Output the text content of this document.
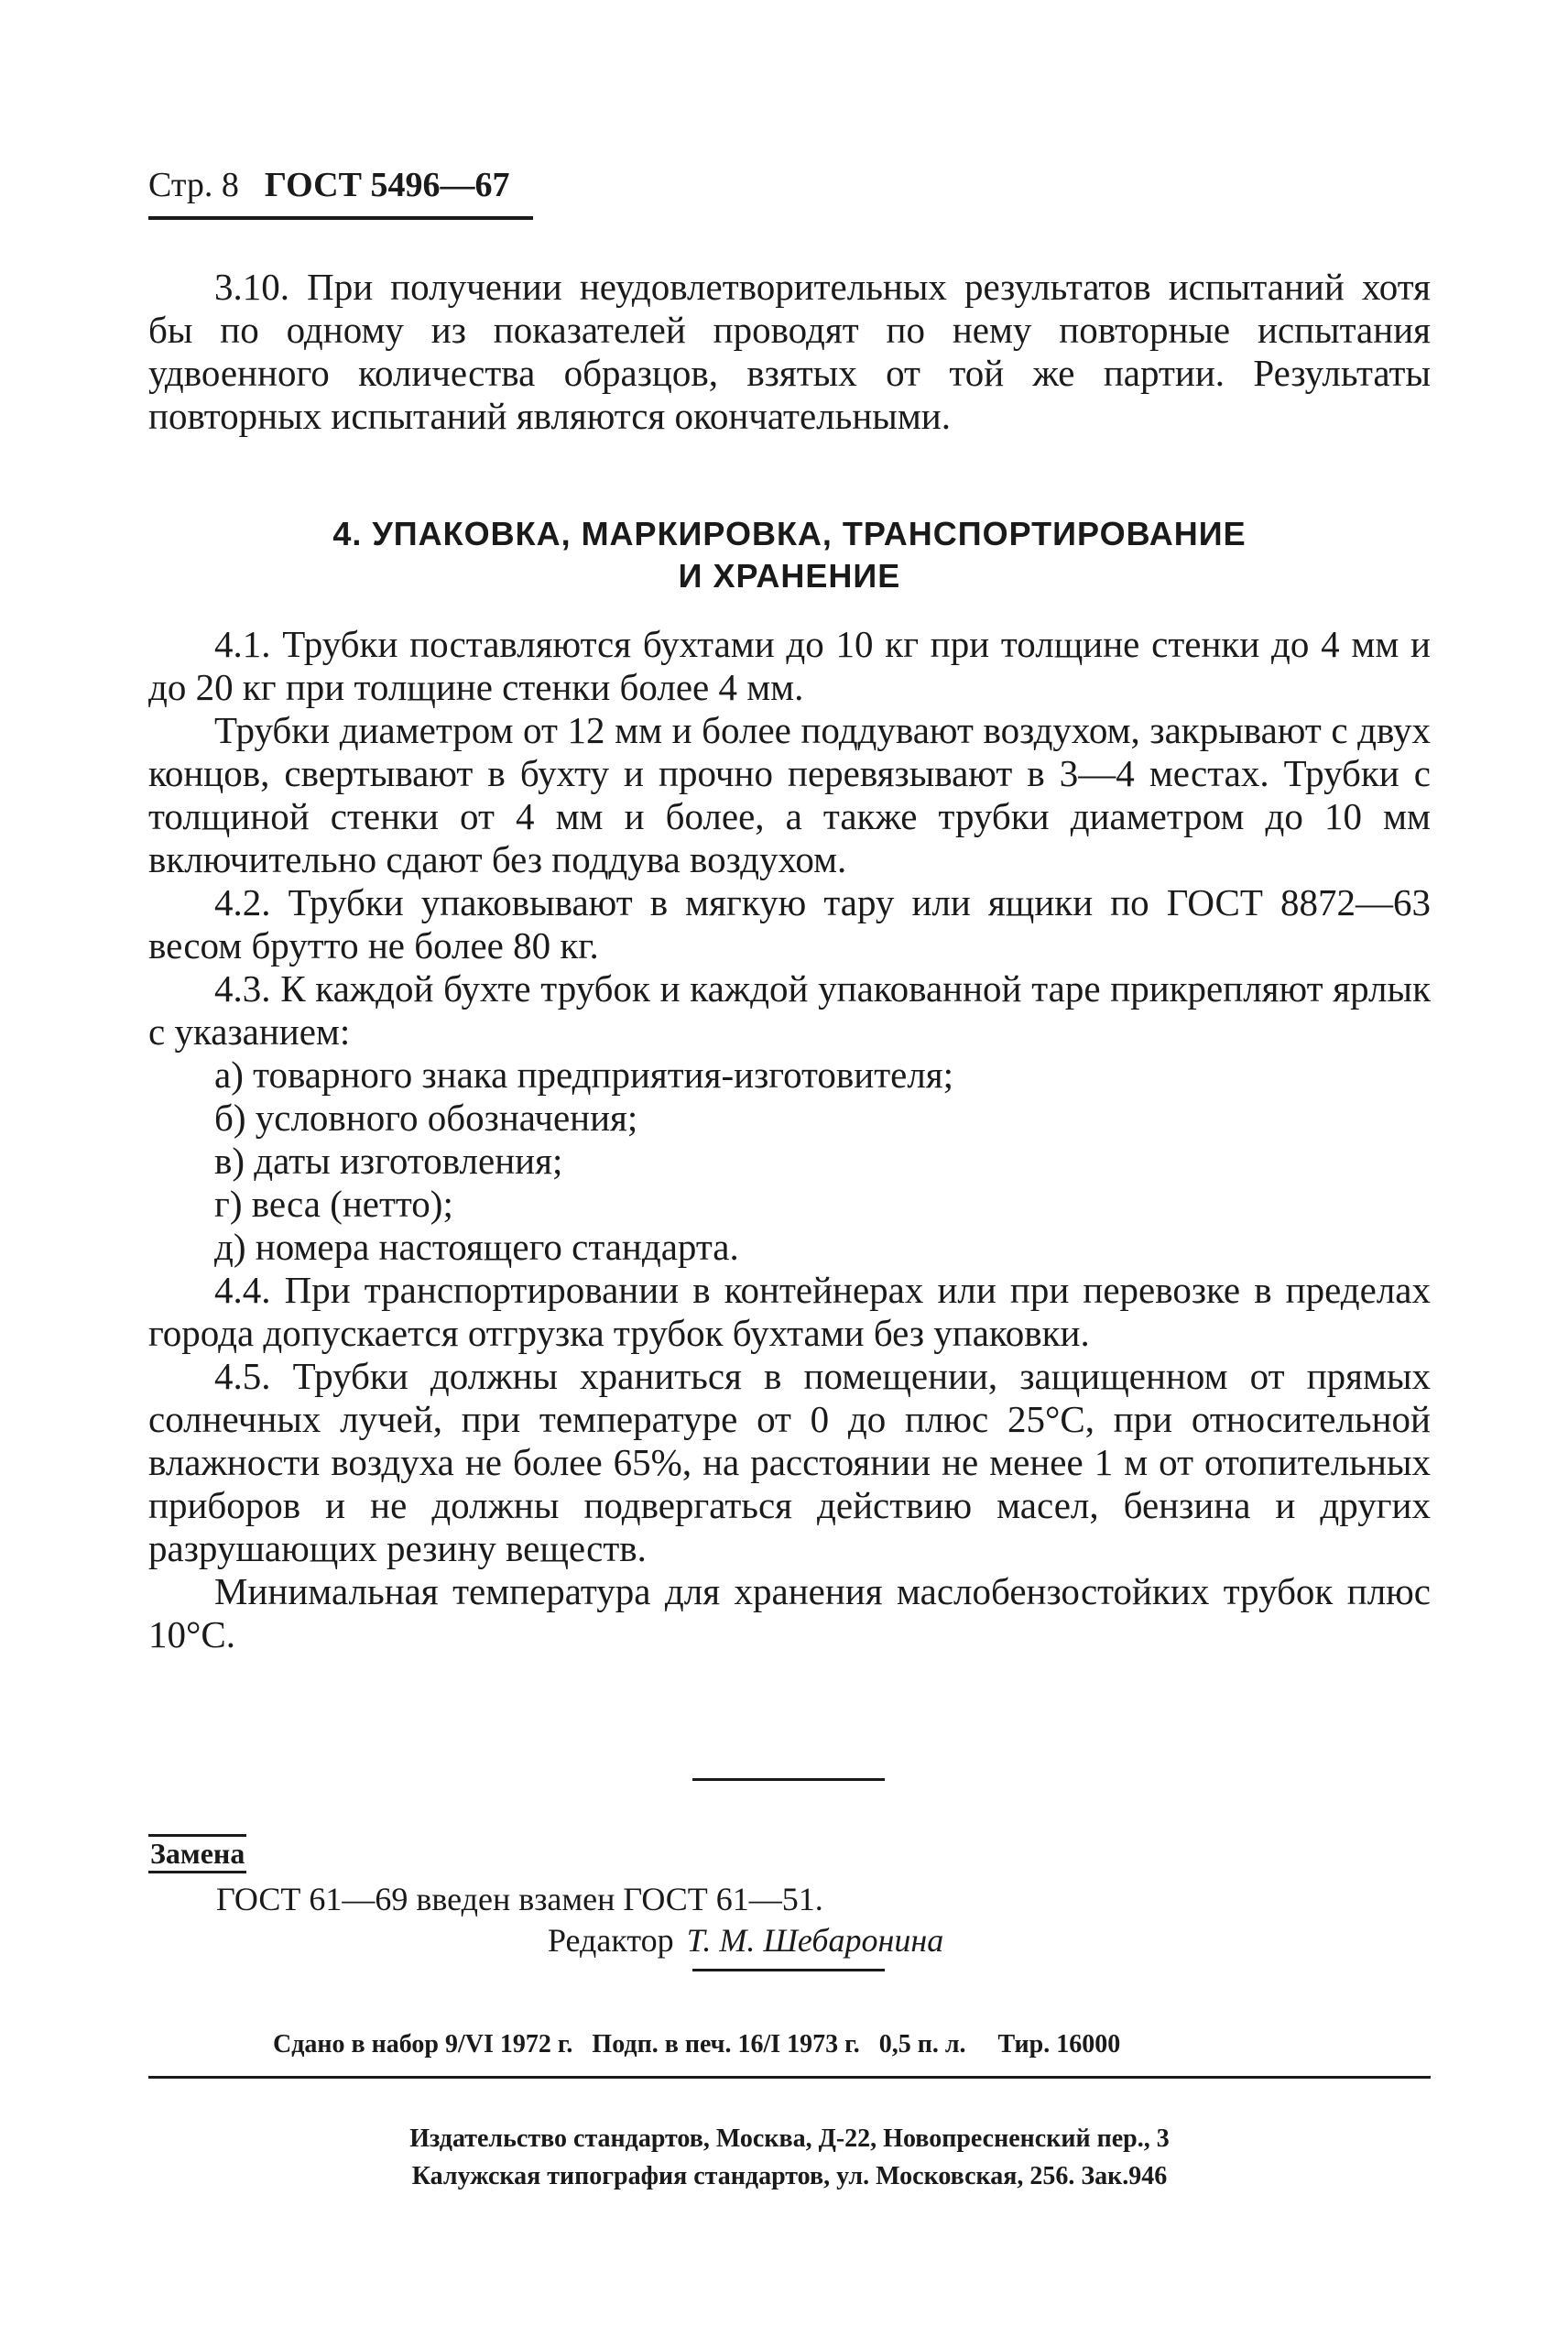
Стр. 8 ГОСТ 5496—67

3.10. При получении неудовлетворительных результатов испытаний хотя бы по одному из показателей проводят по нему повторные испытания удвоенного количества образцов, взятых от той же партии. Результаты повторных испытаний являются окончательными.

4. УПАКОВКА, МАРКИРОВКА, ТРАНСПОРТИРОВАНИЕ
И ХРАНЕНИЕ

4.1. Трубки поставляются бухтами до 10 кг при толщине стенки до 4 мм и до 20 кг при толщине стенки более 4 мм.

Трубки диаметром от 12 мм и более поддувают воздухом, закрывают с двух концов, свертывают в бухту и прочно перевязывают в 3—4 местах. Трубки с толщиной стенки от 4 мм и более, а также трубки диаметром до 10 мм включительно сдают без поддува воздухом.

4.2. Трубки упаковывают в мягкую тару или ящики по ГОСТ 8872—63 весом брутто не более 80 кг.

4.3. К каждой бухте трубок и каждой упакованной таре прикрепляют ярлык с указанием:

а) товарного знака предприятия-изготовителя;

б) условного обозначения;

в) даты изготовления;

г) веса (нетто);

д) номера настоящего стандарта.

4.4. При транспортировании в контейнерах или при перевозке в пределах города допускается отгрузка трубок бухтами без упаковки.

4.5. Трубки должны храниться в помещении, защищенном от прямых солнечных лучей, при температуре от 0 до плюс 25°С, при относительной влажности воздуха не более 65%, на расстоянии не менее 1 м от отопительных приборов и не должны подвергаться действию масел, бензина и других разрушающих резину веществ.

Минимальная температура для хранения маслобензостойких трубок плюс 10°С.

Замена
ГОСТ 61—69 введен взамен ГОСТ 61—51.
Редактор Т. М. Шебаронина
Сдано в набор 9/VI 1972 г.   Подп. в печ. 16/I 1973 г.   0,5 п. л.     Тир. 16000
Издательство стандартов, Москва, Д-22, Новопресненский пер., 3
Калужская типография стандартов, ул. Московская, 256. Зак.946
